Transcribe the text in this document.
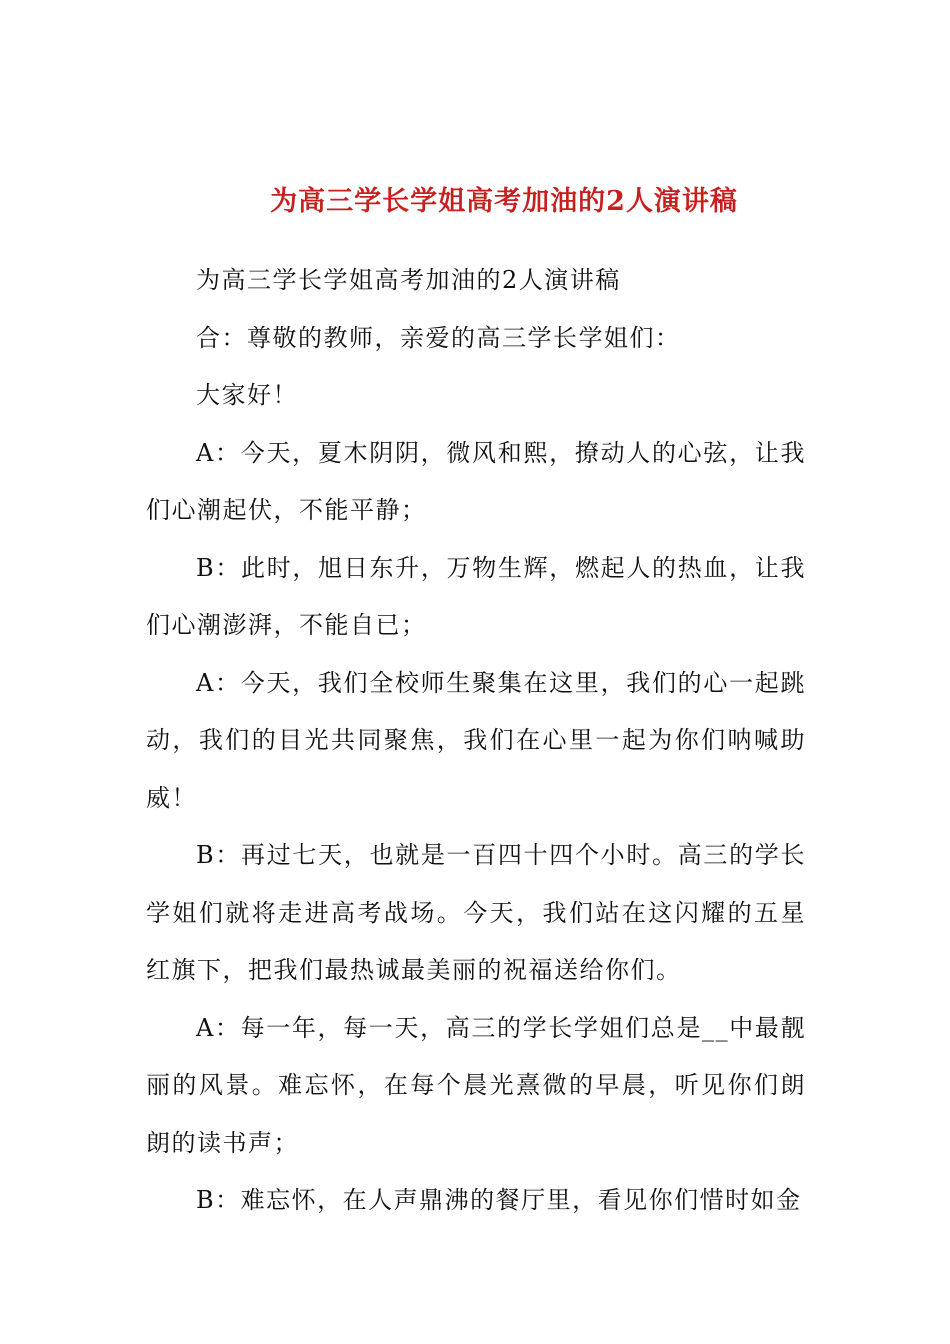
为高三学长学姐高考加油的2人演讲稿

为高三学长学姐高考加油的2人演讲稿

合：尊敬的教师，亲爱的高三学长学姐们：

大家好！

A：今天，夏木阴阴，微风和熙，撩动人的心弦，让我们心潮起伏，不能平静；

B：此时，旭日东升，万物生辉，燃起人的热血，让我们心潮澎湃，不能自已；

A：今天，我们全校师生聚集在这里，我们的心一起跳动，我们的目光共同聚焦，我们在心里一起为你们呐喊助威！

B：再过七天，也就是一百四十四个小时。高三的学长学姐们就将走进高考战场。今天，我们站在这闪耀的五星红旗下，把我们最热诚最美丽的祝福送给你们。

A：每一年，每一天，高三的学长学姐们总是__中最靓丽的风景。难忘怀，在每个晨光熹微的早晨，听见你们朗朗的读书声；

B：难忘怀，在人声鼎沸的餐厅里，看见你们惜时如金
